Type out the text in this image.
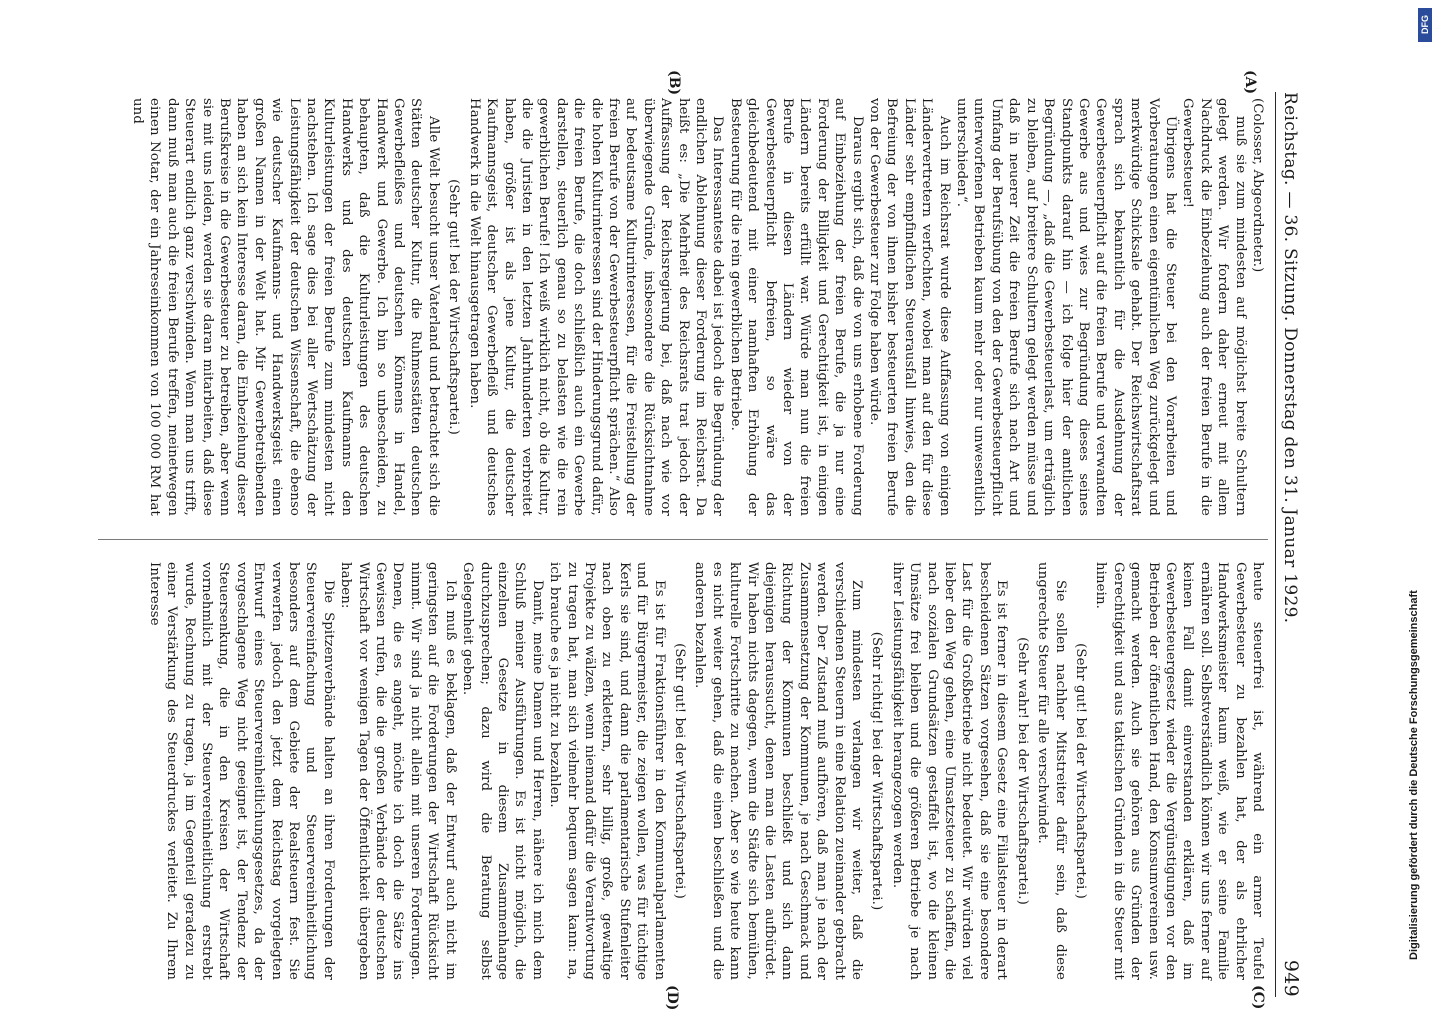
Reichstag. — 36. Sitzung. Donnerstag den 31. Januar 1929.
949

(Colosser, Abgeordneter.)

muß sie zum mindesten auf möglichst breite Schultern gelegt werden. Wir fordern daher erneut mit allem Nachdruck die Einbeziehung auch der freien Berufe in die Gewerbesteuer!

Übrigens hat die Steuer bei den Vorarbeiten und Vorberatungen einen eigentümlichen Weg zurückgelegt und merkwürdige Schicksale gehabt. Der Reichswirtschaftsrat sprach sich bekanntlich für die Ausdehnung der Gewerbesteuerpflicht auf die freien Berufe und verwandten Gewerbe aus und wies zur Begründung dieses seines Standpunkts darauf hin — ich folge hier der amtlichen Begründung —, „daß die Gewerbesteuerlast, um erträglich zu bleiben, auf breitere Schultern gelegt werden müsse und daß in neuerer Zeit die freien Berufe sich nach Art und Umfang der Berufsübung von den der Gewerbesteuerpflicht unterworfenen Betrieben kaum mehr oder nur unwesentlich unterschieden“.

Auch im Reichsrat wurde diese Auffassung von einigen Ländervertretern verfochten, wobei man auf den für diese Länder sehr empfindlichen Steuerausfall hinwies, den die Befreiung der von ihnen bisher besteuerten freien Berufe von der Gewerbesteuer zur Folge haben würde.

Daraus ergibt sich, daß die von uns erhobene Forderung auf Einbeziehung der freien Berufe, die ja nur eine Forderung der Billigkeit und Gerechtigkeit ist, in einigen Ländern bereits erfüllt war. Würde man nun die freien Berufe in diesen Ländern wieder von der Gewerbesteuerpflicht befreien, so wäre das gleichbedeutend mit einer namhaften Erhöhung der Besteuerung für die rein gewerblichen Betriebe.

Das Interessanteste dabei ist jedoch die Begründung der endlichen Ablehnung dieser Forderung im Reichsrat. Da heißt es: „Die Mehrheit des Reichsrats trat jedoch der Auffassung der Reichsregierung bei, daß nach wie vor überwiegende Gründe, insbesondere die Rücksichtnahme auf bedeutsame Kulturinteressen, für die Freistellung der freien Berufe von der Gewerbesteuerpflicht sprächen.“ Also die hohen Kulturinteressen sind der Hinderungsgrund dafür, die freien Berufe, die doch schließlich auch ein Gewerbe darstellen, steuerlich genau so zu belasten wie die rein gewerblichen Berufe! Ich weiß wirklich nicht, ob die Kultur, die die Juristen in den letzten Jahrhunderten verbreitet haben, größer ist als jene Kultur, die deutscher Kaufmannsgeist, deutscher Gewerbefleiß und deutsches Handwerk in die Welt hinausgetragen haben.

(Sehr gut! bei der Wirtschaftspartei.)

Alle Welt besucht unser Vaterland und betrachtet sich die Stätten deutscher Kultur, die Ruhmesstätten deutschen Gewerbefleißes und deutschen Könnens in Handel, Handwerk und Gewerbe. Ich bin so unbescheiden, zu behaupten, daß die Kulturleistungen des deutschen Handwerks und des deutschen Kaufmanns den Kulturleistungen der freien Berufe zum mindesten nicht nachstehen. Ich sage dies bei aller Wertschätzung der Leistungsfähigkeit der deutschen Wissenschaft, die ebenso wie deutscher Kaufmanns- und Handwerksgeist einen großen Namen in der Welt hat. Mir Gewerbetreibenden haben an sich kein Interesse daran, die Einbeziehung dieser Berufskreise in die Gewerbesteuer zu betreiben, aber wenn sie mit uns leiden, werden sie daran mitarbeiten, daß diese Steuerart endlich ganz verschwinden. Wenn man uns trifft, dann muß man auch die freien Berufe treffen, meinetwegen einen Notar, der ein Jahreseinkommen von 100 000 RM hat und

heute steuerfrei ist, während ein armer Teufel Gewerbesteuer zu bezahlen hat, der als ehrlicher Handwerksmeister kaum weiß, wie er seine Familie ernähren soll. Selbstverständlich können wir uns ferner auf keinen Fall damit einverstanden erklären, daß im Gewerbesteuergesetz wieder die Vergünstigungen vor den Betrieben der öffentlichen Hand, den Konsumvereinen usw. gemacht werden. Auch sie gehören aus Gründen der Gerechtigkeit und aus taktischen Gründen in die Steuer mit hinein.

(Sehr gut! bei der Wirtschaftspartei.)

Sie sollen nachher Mitstreiter dafür sein, daß diese ungerechte Steuer für alle verschwindet.

(Sehr wahr! bei der Wirtschaftspartei.)

Es ist ferner in diesem Gesetz eine Filialsteuer in derart bescheidenen Sätzen vorgesehen, daß sie eine besondere Last für die Großbetriebe nicht bedeutet. Wir würden viel lieber den Weg gehen, eine Umsatzsteuer zu schaffen, die nach sozialen Grundsätzen gestaffelt ist, wo die kleinen Umsätze frei bleiben und die größeren Betriebe je nach ihrer Leistungsfähigkeit herangezogen werden.

(Sehr richtig! bei der Wirtschaftspartei.)

Zum mindesten verlangen wir weiter, daß die verschiedenen Steuern in eine Relation zueinander gebracht werden. Der Zustand muß aufhören, daß man je nach der Zusammensetzung der Kommunen, je nach Geschmack und Richtung der Kommunen beschließt und sich dann diejenigen heraussucht, denen man die Lasten aufbürdet. Wir haben nichts dagegen, wenn die Städte sich bemühen, kulturelle Fortschritte zu machen. Aber so wie heute kann es nicht weiter gehen, daß die einen beschließen und die anderen bezahlen.

(Sehr gut! bei der Wirtschaftspartei.)

Es ist für Fraktionsführer in den Kommunalparlamenten und für Bürgermeister, die zeigen wollen, was für tüchtige Kerls sie sind, und dann die parlamentarische Stufenleiter nach oben zu erklettern, sehr billig, große, gewaltige Projekte zu wälzen, wenn niemand dafür die Verantwortung zu tragen hat, man sich vielmehr bequem sagen kann: na, ich brauche es ja nicht zu bezahlen.

Damit, meine Damen und Herren, nähere ich mich dem Schluß meiner Ausführungen. Es ist nicht möglich, die einzelnen Gesetze in diesem Zusammenhange durchzusprechen; dazu wird die Beratung selbst Gelegenheit geben.

Ich muß es beklagen, daß der Entwurf auch nicht im geringsten auf die Forderungen der Wirtschaft Rücksicht nimmt. Wir sind ja nicht allein mit unseren Forderungen. Denen, die es angeht, möchte ich doch die Sätze ins Gewissen rufen, die die großen Verbände der deutschen Wirtschaft vor wenigen Tagen der Öffentlichkeit übergeben haben:

Die Spitzenverbände halten an ihren Forderungen der Steuervereinfachung und Steuervereinheitlichung besonders auf dem Gebiete der Realsteuern fest. Sie verwerfen jedoch den jetzt dem Reichstag vorgelegten Entwurf eines Steuervereinheitlichungsgesetzes, da der vorgeschlagene Weg nicht geeignet ist, der Tendenz der Steuersenkung, die in den Kreisen der Wirtschaft vornehmlich mit der Steuervereinheitlichung erstrebt wurde, Rechnung zu tragen, ja im Gegenteil geradezu zu einer Verstärkung des Steuerdruckes verleitet. Zu Ihrem Interesse

(A)
(B)
(C)
(D)
Digitalisierung gefördert durch die Deutsche Forschungsgemeinschaft
DFG
